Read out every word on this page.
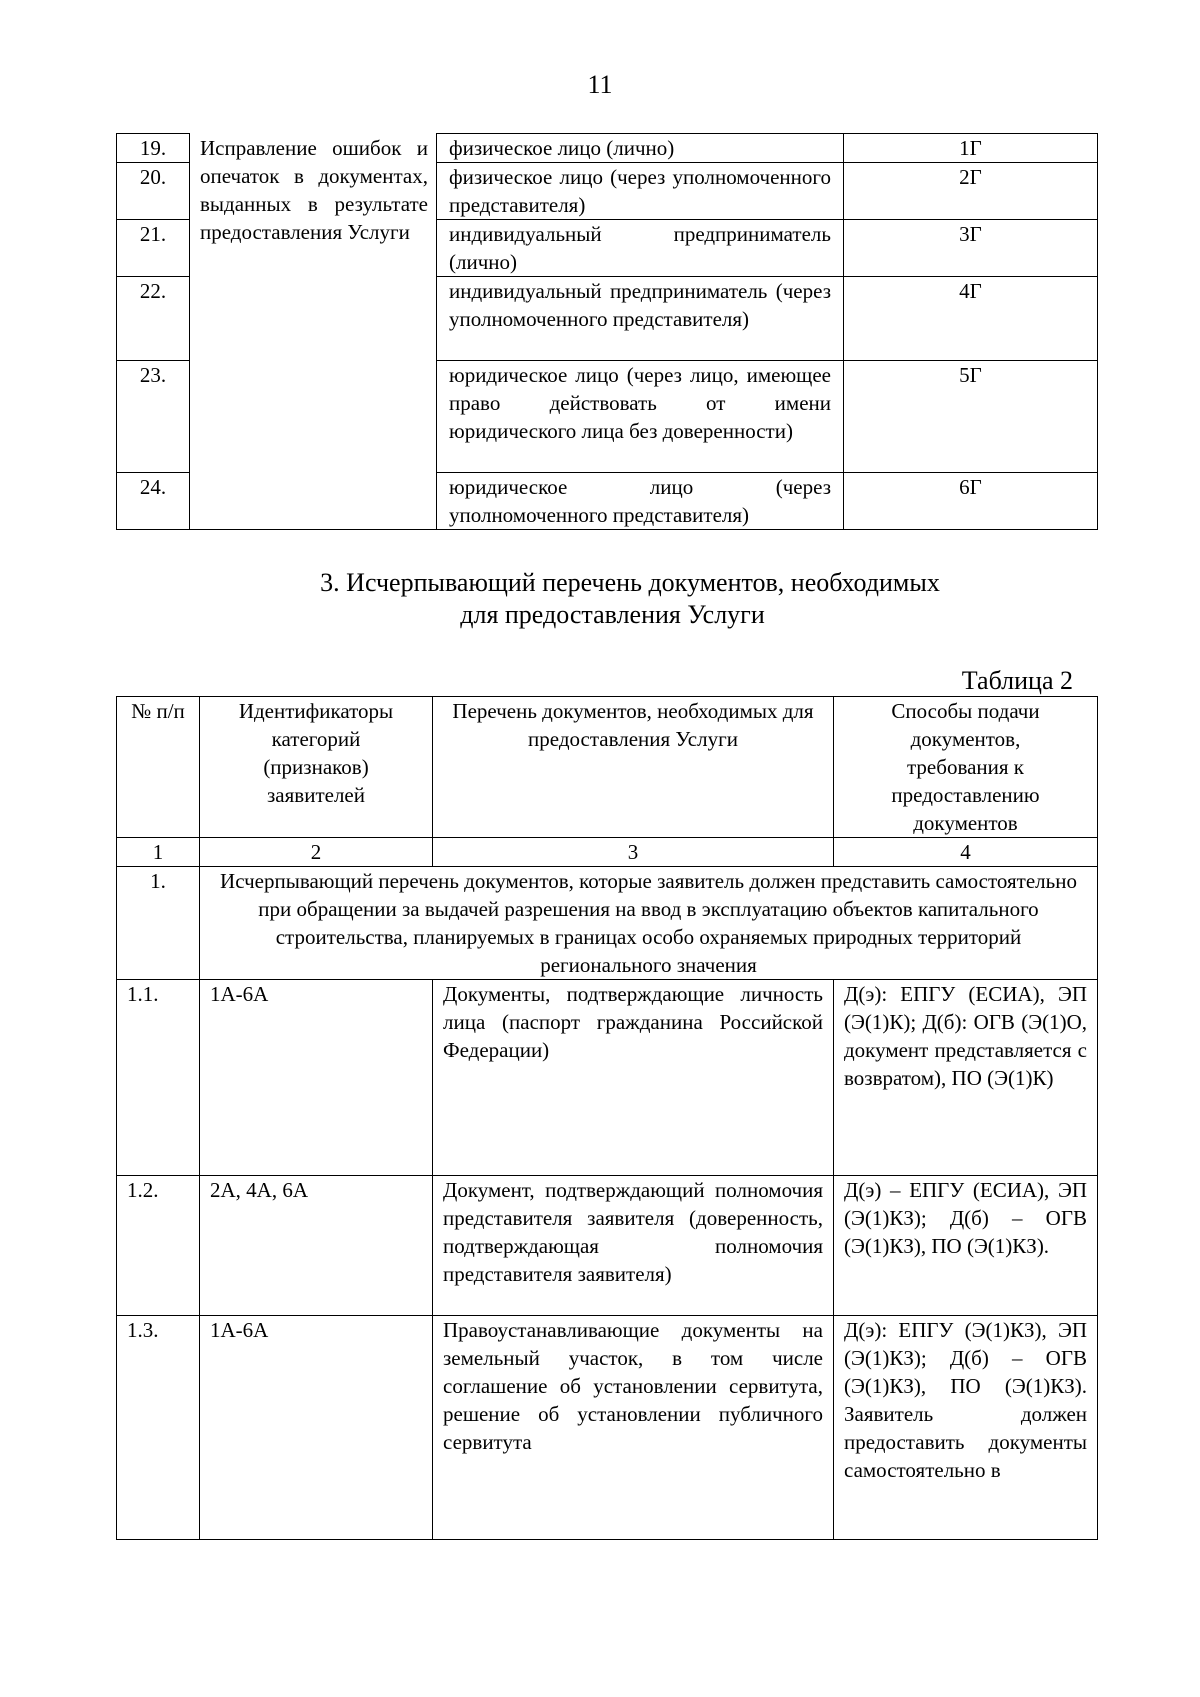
11
19.	Исправление ошибок и опечаток в документах, выданных в результате предоставления Услуги	физическое лицо (лично)	1Г
20.		физическое лицо (через уполномоченного представителя)	2Г
21.		индивидуальный предприниматель (лично)	3Г
22.		индивидуальный предприниматель (через уполномоченного представителя)	4Г
23.		юридическое лицо (через лицо, имеющее право действовать от имени юридического лица без доверенности)	5Г
24.		юридическое лицо (через уполномоченного представителя)	6Г
3. Исчерпывающий перечень документов, необходимых
для предоставления Услуги
Таблица 2
№ п/п	Идентификаторы категорий (признаков) заявителей	Перечень документов, необходимых для предоставления Услуги	Способы подачи документов, требования к предоставлению документов
1	2	3	4
1.	Исчерпывающий перечень документов, которые заявитель должен представить самостоятельно при обращении за выдачей разрешения на ввод в эксплуатацию объектов капитального строительства, планируемых в границах особо охраняемых природных территорий регионального значения		
1.1.	1А-6А	Документы, подтверждающие личность лица (паспорт гражданина Российской Федерации)	Д(э): ЕПГУ (ЕСИА), ЭП (Э(1)К); Д(б): ОГВ (Э(1)О, документ представляется с возвратом), ПО (Э(1)К)
1.2.	2А, 4А, 6А	Документ, подтверждающий полномочия представителя заявителя (доверенность, подтверждающая полномочия представителя заявителя)	Д(э) – ЕПГУ (ЕСИА), ЭП (Э(1)КЗ); Д(б) – ОГВ (Э(1)КЗ), ПО (Э(1)КЗ).
1.3.	1А-6А	Правоустанавливающие документы на земельный участок, в том числе соглашение об установлении сервитута, решение об установлении публичного сервитута	Д(э): ЕПГУ (Э(1)КЗ), ЭП (Э(1)КЗ); Д(б) – ОГВ (Э(1)КЗ), ПО (Э(1)КЗ). Заявитель должен предоставить документы самостоятельно в
